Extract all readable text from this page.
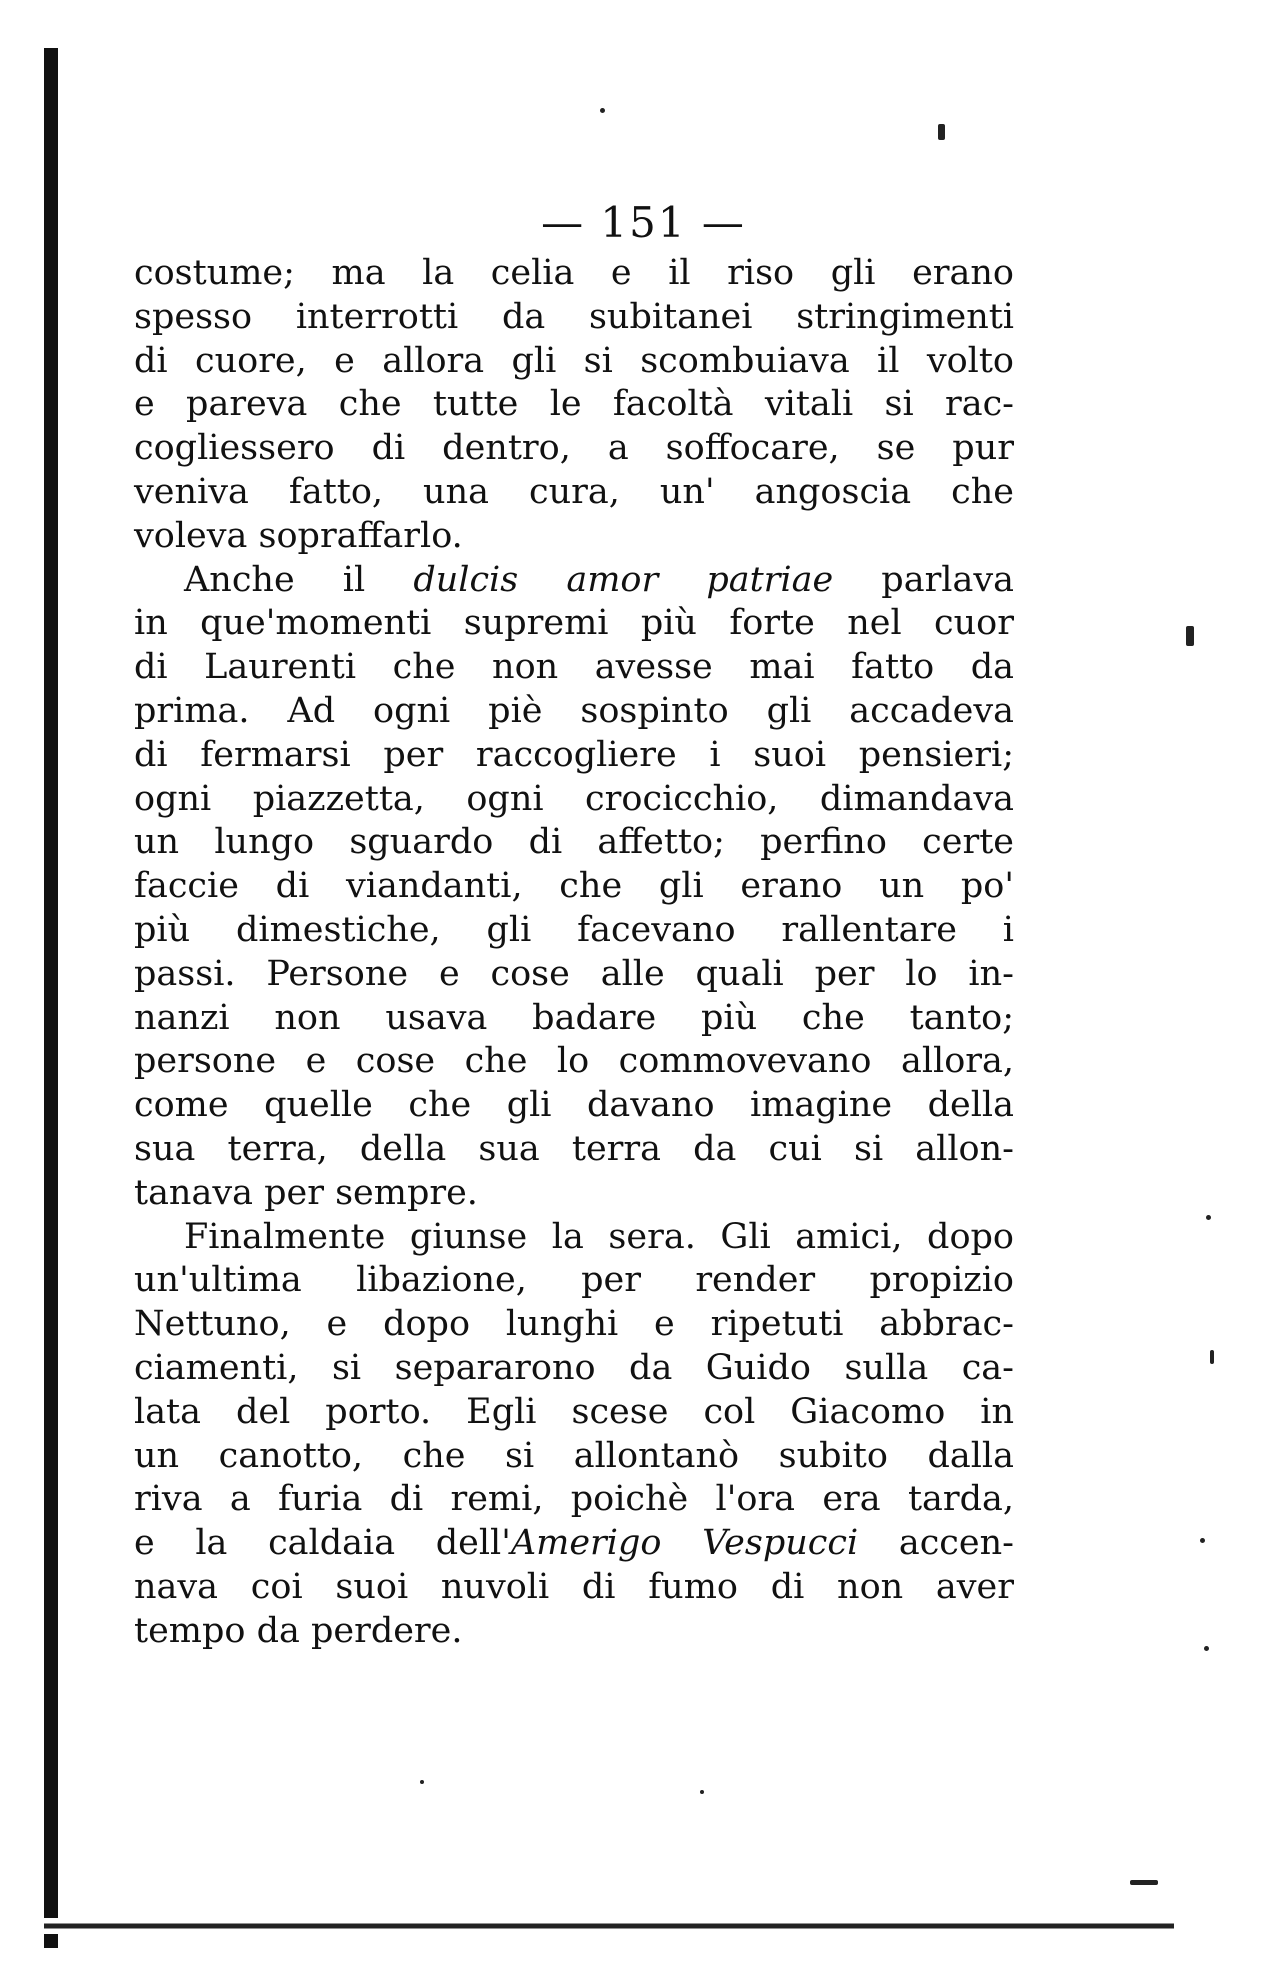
— 151 —
costume; ma la celia e il riso gli erano
spesso interrotti da subitanei stringimenti
di cuore, e allora gli si scombuiava il volto
e pareva che tutte le facoltà vitali si rac-
cogliessero di dentro, a soffocare, se pur
veniva fatto, una cura, un' angoscia che
voleva sopraffarlo.
Anche il dulcis amor patriae parlava
in que'momenti supremi più forte nel cuor
di Laurenti che non avesse mai fatto da
prima. Ad ogni piè sospinto gli accadeva
di fermarsi per raccogliere i suoi pensieri;
ogni piazzetta, ogni crocicchio, dimandava
un lungo sguardo di affetto; perfino certe
faccie di viandanti, che gli erano un po'
più dimestiche, gli facevano rallentare i
passi. Persone e cose alle quali per lo in-
nanzi non usava badare più che tanto;
persone e cose che lo commovevano allora,
come quelle che gli davano imagine della
sua terra, della sua terra da cui si allon-
tanava per sempre.
Finalmente giunse la sera. Gli amici, dopo
un'ultima libazione, per render propizio
Nettuno, e dopo lunghi e ripetuti abbrac-
ciamenti, si separarono da Guido sulla ca-
lata del porto. Egli scese col Giacomo in
un canotto, che si allontanò subito dalla
riva a furia di remi, poichè l'ora era tarda,
e la caldaia dell'Amerigo Vespucci accen-
nava coi suoi nuvoli di fumo di non aver
tempo da perdere.
